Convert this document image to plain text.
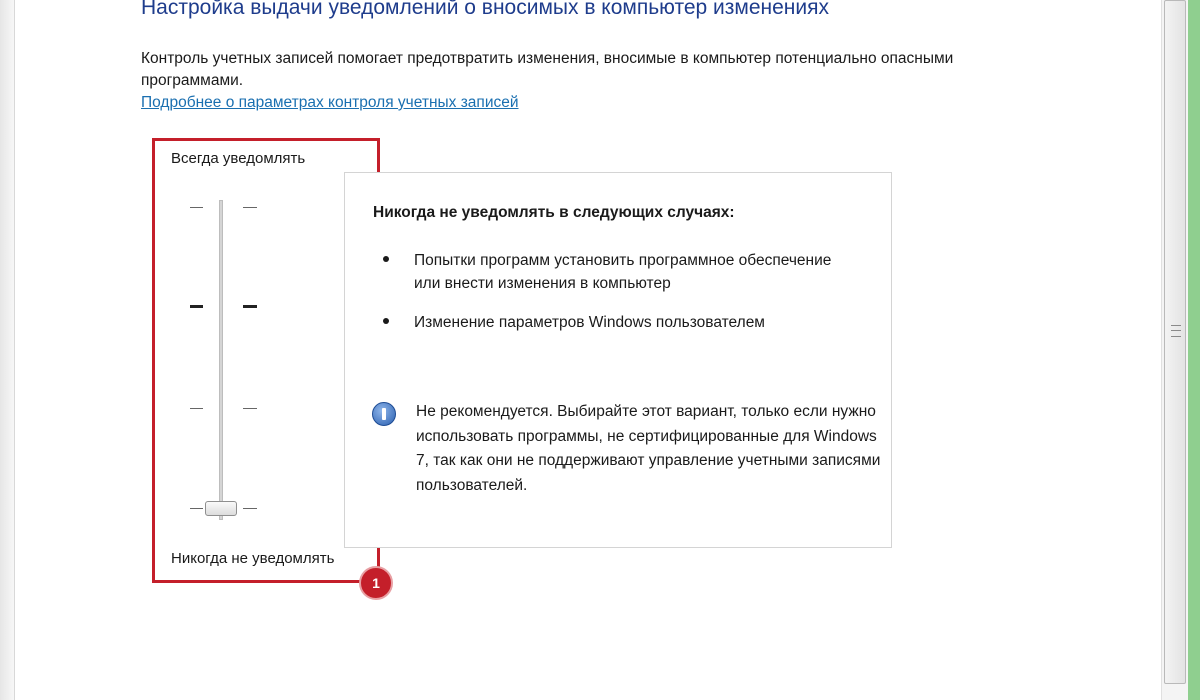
Настройка выдачи уведомлений о вносимых в компьютер изменениях

Контроль учетных записей помогает предотвратить изменения, вносимые в компьютер потенциально опасными программами.

Подробнее о параметрах контроля учетных записей
Всегда уведомлять
Никогда не уведомлять
1
Никогда не уведомлять в следующих случаях:
Попытки программ установить программное обеспечение или внести изменения в компьютер
Изменение параметров Windows пользователем
Не рекомендуется. Выбирайте этот вариант, только если нужно использовать программы, не сертифицированные для Windows 7, так как они не поддерживают управление учетными записями пользователей.
